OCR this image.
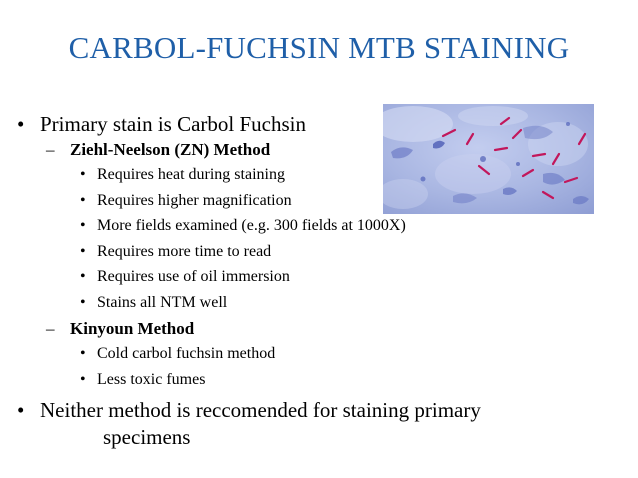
CARBOL-FUCHSIN MTB STAINING
• Primary stain is Carbol Fuchsin
– Ziehl-Neelson (ZN) Method
• Requires heat during staining
• Requires higher magnification
• More fields examined (e.g. 300 fields at 1000X)
• Requires more time to read
• Requires use of oil immersion
• Stains all NTM well
– Kinyoun Method
• Cold carbol fuchsin method
• Less toxic fumes
• Neither method is reccomended for staining primary
specimens
